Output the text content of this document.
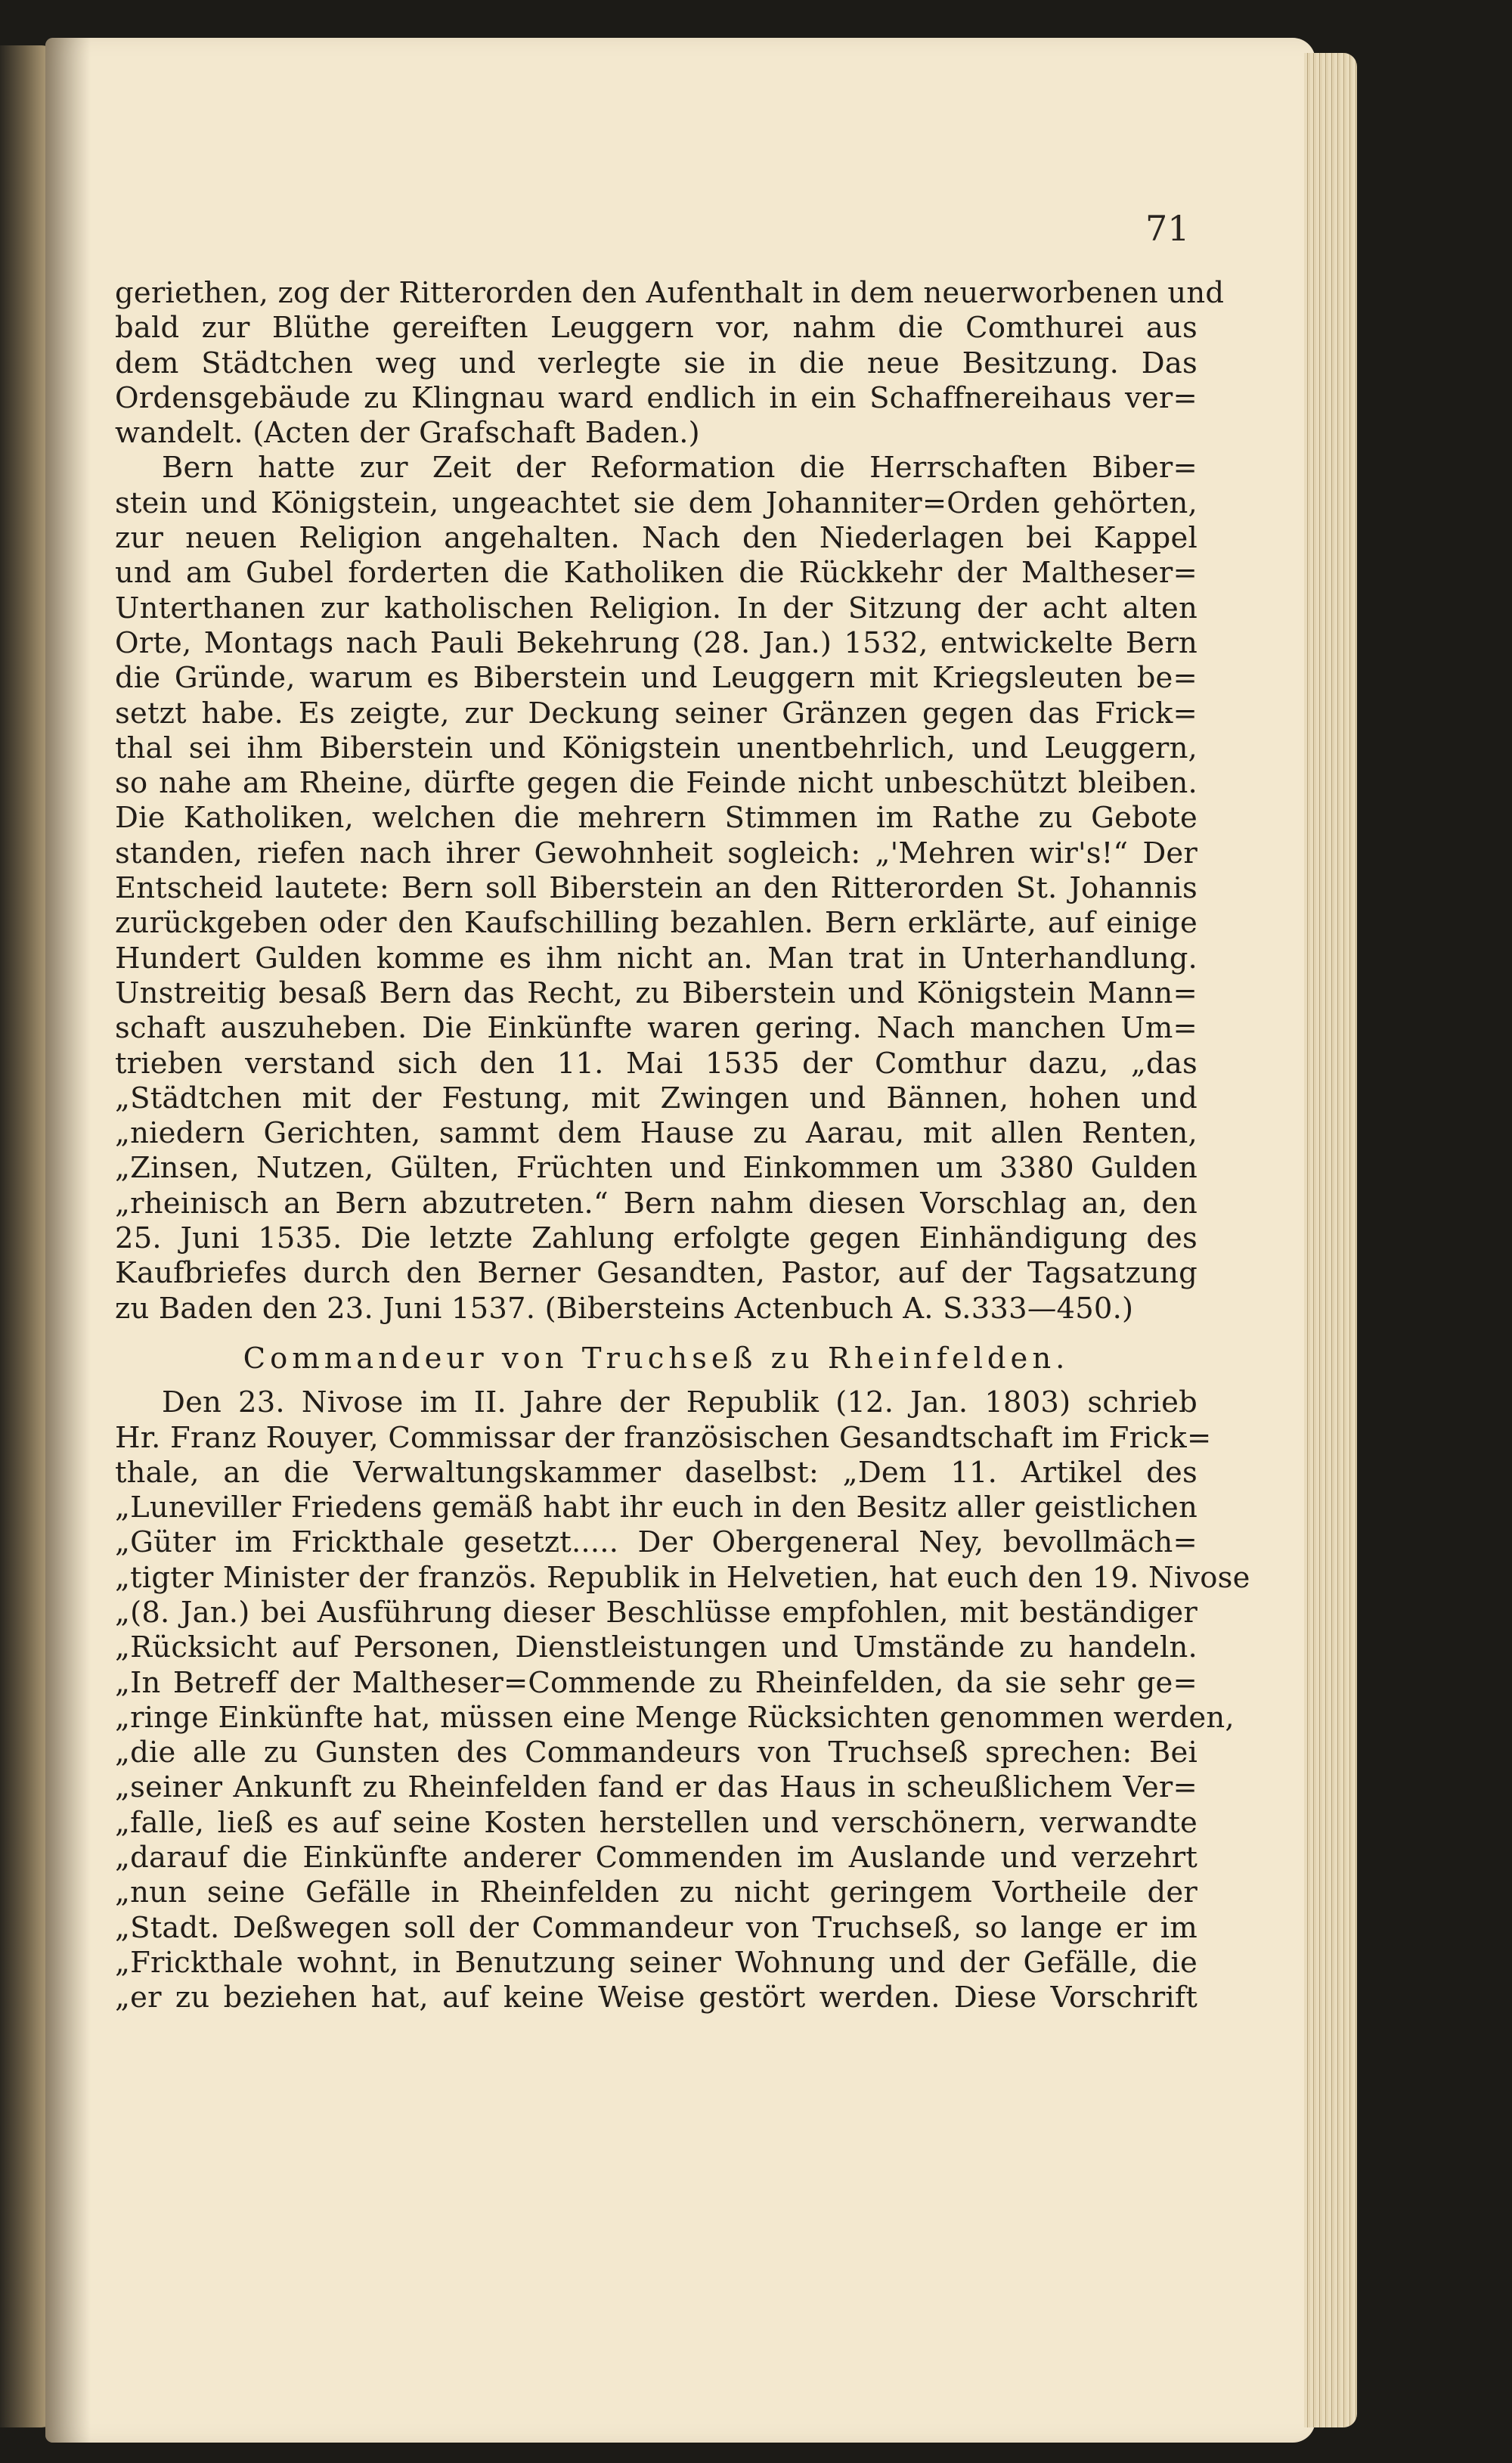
71
geriethen, zog der Ritterorden den Aufenthalt in dem neuerworbenen und
bald zur Blüthe gereiften Leuggern vor, nahm die Comthurei aus
dem Städtchen weg und verlegte sie in die neue Besitzung. Das
Ordensgebäude zu Klingnau ward endlich in ein Schaffnereihaus ver=
wandelt. (Acten der Grafschaft Baden.)
Bern hatte zur Zeit der Reformation die Herrschaften Biber=
stein und Königstein, ungeachtet sie dem Johanniter=Orden gehörten,
zur neuen Religion angehalten. Nach den Niederlagen bei Kappel
und am Gubel forderten die Katholiken die Rückkehr der Maltheser=
Unterthanen zur katholischen Religion. In der Sitzung der acht alten
Orte, Montags nach Pauli Bekehrung (28. Jan.) 1532, entwickelte Bern
die Gründe, warum es Biberstein und Leuggern mit Kriegsleuten be=
setzt habe. Es zeigte, zur Deckung seiner Gränzen gegen das Frick=
thal sei ihm Biberstein und Königstein unentbehrlich, und Leuggern,
so nahe am Rheine, dürfte gegen die Feinde nicht unbeschützt bleiben.
Die Katholiken, welchen die mehrern Stimmen im Rathe zu Gebote
standen, riefen nach ihrer Gewohnheit sogleich: „'Mehren wir's!“ Der
Entscheid lautete: Bern soll Biberstein an den Ritterorden St. Johannis
zurückgeben oder den Kaufschilling bezahlen. Bern erklärte, auf einige
Hundert Gulden komme es ihm nicht an. Man trat in Unterhandlung.
Unstreitig besaß Bern das Recht, zu Biberstein und Königstein Mann=
schaft auszuheben. Die Einkünfte waren gering. Nach manchen Um=
trieben verstand sich den 11. Mai 1535 der Comthur dazu, „das
„Städtchen mit der Festung, mit Zwingen und Bännen, hohen und
„niedern Gerichten, sammt dem Hause zu Aarau, mit allen Renten,
„Zinsen, Nutzen, Gülten, Früchten und Einkommen um 3380 Gulden
„rheinisch an Bern abzutreten.“ Bern nahm diesen Vorschlag an, den
25. Juni 1535. Die letzte Zahlung erfolgte gegen Einhändigung des
Kaufbriefes durch den Berner Gesandten, Pastor, auf der Tagsatzung
zu Baden den 23. Juni 1537. (Bibersteins Actenbuch A. S.333—450.)
Commandeur von Truchseß zu Rheinfelden.
Den 23. Nivose im II. Jahre der Republik (12. Jan. 1803) schrieb
Hr. Franz Rouyer, Commissar der französischen Gesandtschaft im Frick=
thale, an die Verwaltungskammer daselbst: „Dem 11. Artikel des
„Luneviller Friedens gemäß habt ihr euch in den Besitz aller geistlichen
„Güter im Frickthale gesetzt..... Der Obergeneral Ney, bevollmäch=
„tigter Minister der französ. Republik in Helvetien, hat euch den 19. Nivose
„(8. Jan.) bei Ausführung dieser Beschlüsse empfohlen, mit beständiger
„Rücksicht auf Personen, Dienstleistungen und Umstände zu handeln.
„In Betreff der Maltheser=Commende zu Rheinfelden, da sie sehr ge=
„ringe Einkünfte hat, müssen eine Menge Rücksichten genommen werden,
„die alle zu Gunsten des Commandeurs von Truchseß sprechen: Bei
„seiner Ankunft zu Rheinfelden fand er das Haus in scheußlichem Ver=
„falle, ließ es auf seine Kosten herstellen und verschönern, verwandte
„darauf die Einkünfte anderer Commenden im Auslande und verzehrt
„nun seine Gefälle in Rheinfelden zu nicht geringem Vortheile der
„Stadt. Deßwegen soll der Commandeur von Truchseß, so lange er im
„Frickthale wohnt, in Benutzung seiner Wohnung und der Gefälle, die
„er zu beziehen hat, auf keine Weise gestört werden. Diese Vorschrift
